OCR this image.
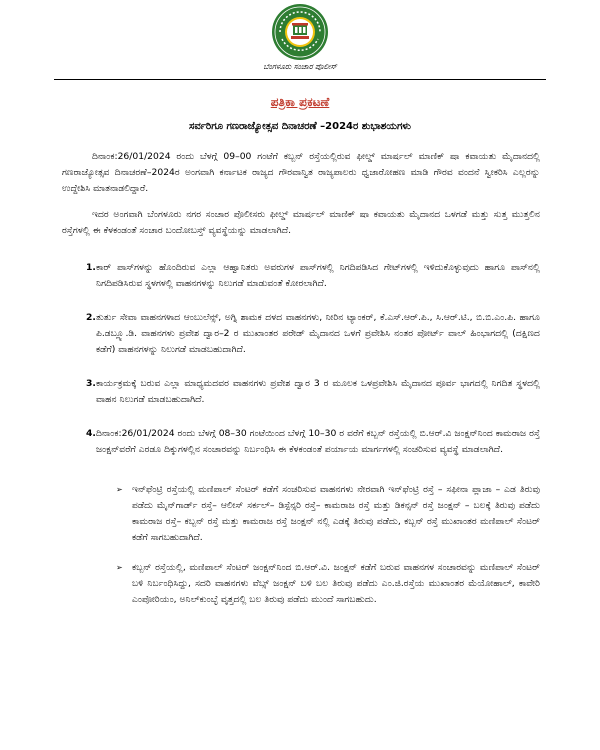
ಬೆಂಗಳೂರು ಸಂಚಾರ ಪೊಲೀಸ್
ಪತ್ರಿಕಾ ಪ್ರಕಟಣೆ
ಸರ್ವರಿಗೂ ಗಣರಾಜ್ಯೋತ್ಸವ ದಿನಾಚರಣೆ –2024ರ ಶುಭಾಶಯಗಳು

ದಿನಾಂಕ:26/01/2024 ರಂದು ಬೆಳಗ್ಗೆ 09–00 ಗಂಟೆಗೆ ಕಬ್ಬನ್ ರಸ್ತೆಯಲ್ಲಿರುವ ಫೀಲ್ಡ್ ಮಾರ್ಷಲ್ ಮಾಣಿಕ್ ಷಾ ಕವಾಯತು ಮೈದಾನದಲ್ಲಿ ಗಣರಾಜ್ಯೋತ್ಸವ ದಿನಾಚರಣೆ–2024ರ ಅಂಗವಾಗಿ ಕರ್ನಾಟಕ ರಾಜ್ಯದ ಗೌರವಾನ್ವಿತ ರಾಜ್ಯಪಾಲರು ಧ್ವಜಾರೋಹಣ ಮಾಡಿ ಗೌರವ ವಂದನೆ ಸ್ವೀಕರಿಸಿ ಎಲ್ಲರನ್ನು ಉದ್ದೇಶಿಸಿ ಮಾತನಾಡಲಿದ್ದಾರೆ.

ಇದರ ಅಂಗವಾಗಿ ಬೆಂಗಳೂರು ನಗರ ಸಂಚಾರ ಪೊಲೀಸರು ಫೀಲ್ಡ್ ಮಾರ್ಷಲ್ ಮಾಣಿಕ್ ಷಾ ಕವಾಯತು ಮೈದಾನದ ಒಳಗಡೆ ಮತ್ತು ಸುತ್ತ ಮುತ್ತಲಿನ ರಸ್ತೆಗಳಲ್ಲಿ ಈ ಕೆಳಕಂಡಂತೆ ಸಂಚಾರ ಬಂದೋಬಸ್ತ್ ವ್ಯವಸ್ಥೆಯನ್ನು ಮಾಡಲಾಗಿದೆ.

1. ಕಾರ್ ಪಾಸ್‌ಗಳನ್ನು ಹೊಂದಿರುವ ಎಲ್ಲಾ ಆಹ್ವಾನಿತರು ಅವರುಗಳ ಪಾಸ್‌ಗಳಲ್ಲಿ ನಿಗದಿಪಡಿಸಿದ ಗೇಟ್‌ಗಳಲ್ಲಿ ಇಳಿದುಕೊಳ್ಳುವುದು ಹಾಗೂ ಪಾಸ್‌ನಲ್ಲಿ ನಿಗದಿಪಡಿಸಿರುವ ಸ್ಥಳಗಳಲ್ಲಿ ವಾಹನಗಳನ್ನು ನಿಲುಗಡೆ ಮಾಡುವಂತೆ ಕೋರಲಾಗಿದೆ.
2. ತುರ್ತು ಸೇವಾ ವಾಹನಗಳಾದ ಆಂಬುಲೆನ್ಸ್, ಅಗ್ನಿ ಶಾಮಕ ದಳದ ವಾಹನಗಳು, ನೀರಿನ ಟ್ಯಾಂಕರ್, ಕೆ.ಎಸ್.ಆರ್.ಪಿ., ಸಿ.ಆರ್.ಟಿ., ಬಿ.ಬಿ.ಎಂ.ಪಿ. ಹಾಗೂ ಪಿ.ಡಬ್ಲ್ಯೂ.ಡಿ. ವಾಹನಗಳು ಪ್ರವೇಶ ದ್ವಾರ–2 ರ ಮುಖಾಂತರ ಪರೇಡ್ ಮೈದಾನದ ಒಳಗೆ ಪ್ರವೇಶಿಸಿ ನಂತರ ಪೋರ್ಟ್ ವಾಲ್ ಹಿಂಭಾಗದಲ್ಲಿ (ದಕ್ಷಿಣದ ಕಡೆಗೆ) ವಾಹನಗಳನ್ನು ನಿಲುಗಡೆ ಮಾಡಬಹುದಾಗಿದೆ.
3. ಕಾರ್ಯಕ್ರಮಕ್ಕೆ ಬರುವ ಎಲ್ಲಾ ಮಾಧ್ಯಮದವರ ವಾಹನಗಳು ಪ್ರವೇಶ ದ್ವಾರ 3 ರ ಮೂಲಕ ಒಳಪ್ರವೇಶಿಸಿ ಮೈದಾನದ ಪೂರ್ವ ಭಾಗದಲ್ಲಿ ನಿಗದಿತ ಸ್ಥಳದಲ್ಲಿ ವಾಹನ ನಿಲುಗಡೆ ಮಾಡಬಹುದಾಗಿದೆ.
4. ದಿನಾಂಕ:26/01/2024 ರಂದು ಬೆಳಗ್ಗೆ 08–30 ಗಂಟೆಯಿಂದ ಬೆಳಗ್ಗೆ 10–30 ರ ವರೆಗೆ ಕಬ್ಬನ್ ರಸ್ತೆಯಲ್ಲಿ ಬಿ.ಆರ್.ವಿ ಜಂಕ್ಷನ್‌ನಿಂದ ಕಾಮರಾಜ ರಸ್ತೆ ಜಂಕ್ಷನ್‌ವರೆಗೆ ಎರಡೂ ದಿಕ್ಕುಗಳಲ್ಲಿನ ಸಂಚಾರವನ್ನು ನಿರ್ಬಂಧಿಸಿ ಈ ಕೆಳಕಂಡಂತೆ ಪರ್ಯಾಯ ಮಾರ್ಗಗಳಲ್ಲಿ ಸಂಚರಿಸುವ ವ್ಯವಸ್ಥೆ ಮಾಡಲಾಗಿದೆ.
➢ ಇನ್‌ಫೆಂಟ್ರಿ ರಸ್ತೆಯಲ್ಲಿ ಮಣಿಪಾಲ್ ಸೆಂಟರ್ ಕಡೆಗೆ ಸಂಚರಿಸುವ ವಾಹನಗಳು ನೇರವಾಗಿ ಇನ್‌ಫೆಂಟ್ರಿ ರಸ್ತೆ – ಸಫೀನಾ ಪ್ಲಾಜಾ – ಎಡ ತಿರುವು ಪಡೆದು ಮೈನ್‌ಗಾರ್ಡ್ ರಸ್ತೆ– ಆಲೀಸ್ ಸರ್ಕಲ್– ಡಿಸ್ಪೆನ್ಸರಿ ರಸ್ತೆ– ಕಾಮರಾಜ ರಸ್ತೆ ಮತ್ತು ಡಿಕನ್ಸನ್ ರಸ್ತೆ ಜಂಕ್ಷನ್ – ಬಲಕ್ಕೆ ತಿರುವು ಪಡೆದು ಕಾಮರಾಜ ರಸ್ತೆ– ಕಬ್ಬನ್ ರಸ್ತೆ ಮತ್ತು ಕಾಮರಾಜ ರಸ್ತೆ ಜಂಕ್ಷನ್ ನಲ್ಲಿ ಎಡಕ್ಕೆ ತಿರುವು ಪಡೆದು, ಕಬ್ಬನ್ ರಸ್ತೆ ಮುಖಾಂತರ ಮಣಿಪಾಲ್ ಸೆಂಟರ್ ಕಡೆಗೆ ಸಾಗಬಹುದಾಗಿದೆ.
➢ ಕಬ್ಬನ್ ರಸ್ತೆಯಲ್ಲಿ, ಮಣಿಪಾಲ್ ಸೆಂಟರ್ ಜಂಕ್ಷನ್‌ನಿಂದ ಬಿ.ಆರ್.ವಿ. ಜಂಕ್ಷನ್ ಕಡೆಗೆ ಬರುವ ವಾಹನಗಳ ಸಂಚಾರವನ್ನು ಮಣಿಪಾಲ್ ಸೆಂಟರ್ ಬಳಿ ನಿರ್ಬಂಧಿಸಿದ್ದು, ಸದರಿ ವಾಹನಗಳು ವೆಬ್ಸ್ ಜಂಕ್ಷನ್ ಬಳಿ ಬಲ ತಿರುವು ಪಡೆದು ಎಂ.ಜಿ.ರಸ್ತೆಯ ಮುಖಾಂತರ ಮೆಯೋಹಾಲ್, ಕಾವೇರಿ ಎಂಪೋರಿಯಂ, ಅನಿಲ್‌ಕುಂಬ್ಳೆ ವೃತ್ತದಲ್ಲಿ ಬಲ ತಿರುವು ಪಡೆದು ಮುಂದೆ ಸಾಗಬಹುದು.
